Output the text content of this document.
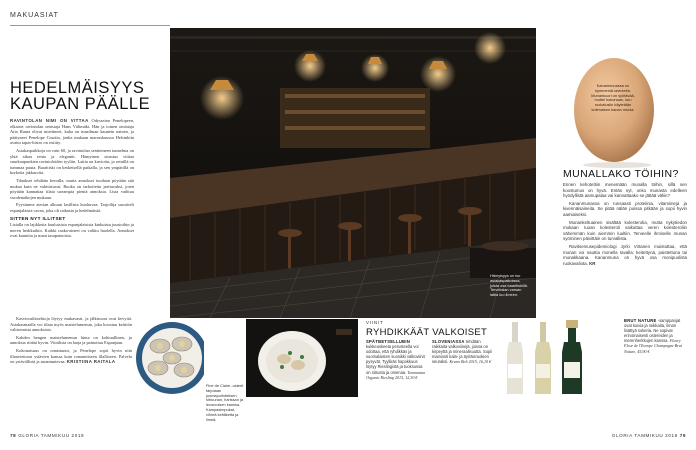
MAKUASIAT
HEDELMÄISYYS
KAUPAN PÄÄLLE

RAVINTOLAN NIMI ON VITTAA Odysseian Penelopeen, olkaiset ravintolan omistaja Hans Välimäki. Hän ja toinen omistaja Arto Ranta olivat miettineet, kuka on maailman kaunein nainen, ja päätyneet Penelope Cruziin, jonka mukaan marraskuussa Helsinkiin avattu tapas-bistro on ristitty.

Asiakaspaikkoja on vain 60, ja ravintolan sentteineen tunnelma on yhtä aikaa rento ja elegantti. Hämyinen sisustus viittaa suurkaupunkien ravintoloiden tyyliin. Lattia on kuvioitu, ja seinillä on tummaa puuta. Baaritiski on keskeisellä paikalla, ja sen ympärillä on korkeita jakkaroita.

Tilaukset tehdään kerralla, mutta annokset tuodaan pöytään sitä mukaa kuin ne valmistuvat. Ruoka on tarkoitettu jaettavaksi, joten pöytään kannattaa tilata useampia pieniä annoksia. Lista vaihtuu vuodenaikojen mukaan.

Pyysimme aterian alkuun lasillista kuohuvaa. Tarjoilija suositteli espanjalaista cavaa, joka oli raikasta ja hedelmäistä.

SITTEN NYT ILLITSET

Listalla on lajikkeita kuuluisista espanjalaisista kinkuista juustoihin ja meren herkkuihin. Kaikki raaka-aineet on valittu huolella. Annokset ovat kauniita ja maut tasapainoisia.

Kasvisvaihtoehtoja löytyy mukavasti, ja jälkiruoat ovat kevyitä. Asiakasmaalla voi tilata myös maistelumenun, joka koostuu keittiön valitsemista annoksista.

Kahden hengen maistelumenun hinta on kohtuullinen, ja annoksia riittää hyvin. Viinilista on laaja ja painottuu Espanjaan.

Kokonaisuus on onnistunut, ja Penelope sopii hyvin niin illanviettoon ystävien kanssa kuin romanttiseen illalliseen. Palvelu on ystävällistä ja asiantuntevaa. KRISTIINA RAITALA

Hämyisyys on iso asiakaspaikoissa, joista osa baaritiskillä. Terveksian varsan lattia luo ilmeen.
Kananmunassa on kymmeniä ravinteita. Munankuori on syötävää, muttei kokonaan, kun ruokalusiin käytetään kotimaisen kanan munia.
MUNALLAKO TÖIHIN?

Ennen kehotettiin menemään munalla töihin, sillä sen koostumus on hyvä. Entäs nyt, onko munasta edelleen hyödyllistä aamupalaa vai kannattaako se jättää väliin?

Kananmunassa on runsaasti proteiinia, vitamiineja ja kivennäisaineita. Se pitää nälän poissa pitkään ja sopii hyvin aamiaiseksi.

Munankeltuainen sisältää kolesterolia, mutta nykytiedon mukaan ruoan kolesteroli vaikuttaa veren kolesteroliin vähemmän kuin aiemmin luultiin. Terveelle ihmiselle munan syöminen päivittäin on turvallista.

Ravitsemusepidemiologi Jyrki Virtanen muistuttaa, että munan voi nauttia monella tavalla: keitettynä, paistettuna tai munakkaana. Kananmuna on hyvä osa monipuolista ruokavaliota. KR

Fine de Claire -osterit tarjotaan juomapoihdetisen, sitruunan, harissan ja lecorcoisen kanssa. Kampasimpukat, vihreä keittiketta ja limeä.
VIINIT
RYHDIKKÄÄT VALKOISET
SPÄTBETSELLUBIN kukkeuskeeta perusteella voi odottaa, että ryhdikkäs ja suomalaisten suosikki valkoviinit pysyvät. Tyylikäs hapokkuus löytyy Rieslingistä ja tuoksussa on sitrusta ja omenaa. Tasmanian Organic Riesling 2015, 12,30 €
SLOVENIASSA tehdään raikkaita valkoviinejä, joissa on kirpeyttä ja mineraalisuutta. Sopii mainiosti kala- ja äyriäisruokien seuraksi. Kruno Belt 2015, 16,10 €
BRUT NATURE -samppanjat ovat kuivia ja raikkaita, ilman lisättyä sokeria. Ne sopivat erinomaisesti ostereiden ja merenherkkujen kanssa. Fleury Fleur de l'Europe Champagne Brut Nature, 45,90 €
78 GLORIA TAMMIKUU 2019	GLORIA TAMMIKUU 2019 79
